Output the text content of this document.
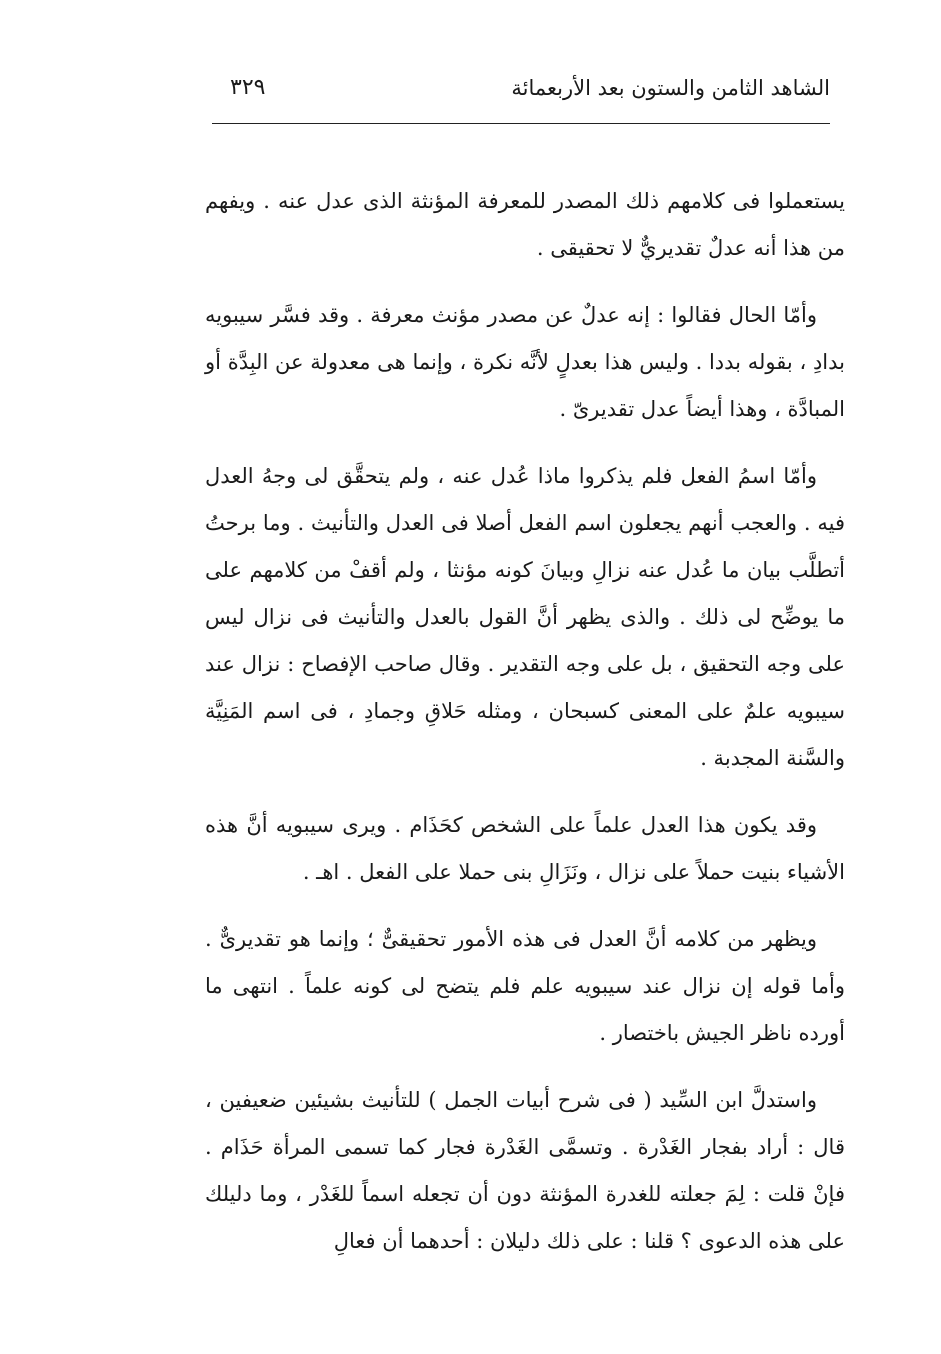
الشاهد الثامن والستون بعد الأربعمائة
٣٢٩

يستعملوا فى كلامهم ذلك المصدر للمعرفة المؤنثة الذى عدل عنه . ويفهم من هذا أنه عدلٌ تقديريٌّ لا تحقيقى .

وأمّا الحال فقالوا : إنه عدلٌ عن مصدر مؤنث معرفة . وقد فسَّر سيبويه بدادِ ، بقوله بددا . وليس هذا بعدلٍ لأنَّه نكرة ، وإنما هى معدولة عن البِدَّة أو المبادَّة ، وهذا أيضاً عدل تقديرىّ .

وأمّا اسمُ الفعل فلم يذكروا ماذا عُدل عنه ، ولم يتحقَّق لى وجهُ العدل فيه . والعجب أنهم يجعلون اسم الفعل أصلا فى العدل والتأنيث . وما برحتُ أتطلَّب بيان ما عُدل عنه نزالِ وبيانَ كونه مؤنثا ، ولم أقفْ من كلامهم على ما يوضِّح لى ذلك . والذى يظهر أنَّ القول بالعدل والتأنيث فى نزال ليس على وجه التحقيق ، بل على وجه التقدير . وقال صاحب الإفصاح : نزال عند سيبويه علمٌ على المعنى كسبحان ، ومثله حَلاقِ وجمادِ ، فى اسم المَنِيَّة والسَّنة المجدبة .

وقد يكون هذا العدل علماً على الشخص كحَذَام . ويرى سيبويه أنَّ هذه الأشياء بنيت حملاً على نزال ، ونَزَالِ بنى حملا على الفعل . اهـ .

ويظهر من كلامه أنَّ العدل فى هذه الأمور تحقيقىٌّ ؛ وإنما هو تقديرىٌّ . وأما قوله إن نزال عند سيبويه علم فلم يتضح لى كونه علماً . انتهى ما أورده ناظر الجيش باختصار .

واستدلَّ ابن السِّيد ( فى شرح أبيات الجمل ) للتأنيث بشيئين ضعيفين ، قال : أراد بفجار الغَدْرة . وتسمَّى الغَدْرة فجار كما تسمى المرأة حَذَام . فإنْ قلت : لِمَ جعلته للغدرة المؤنثة دون أن تجعله اسماً للغَدْر ، وما دليلك على هذه الدعوى ؟ قلنا : على ذلك دليلان : أحدهما أن فعالِ
